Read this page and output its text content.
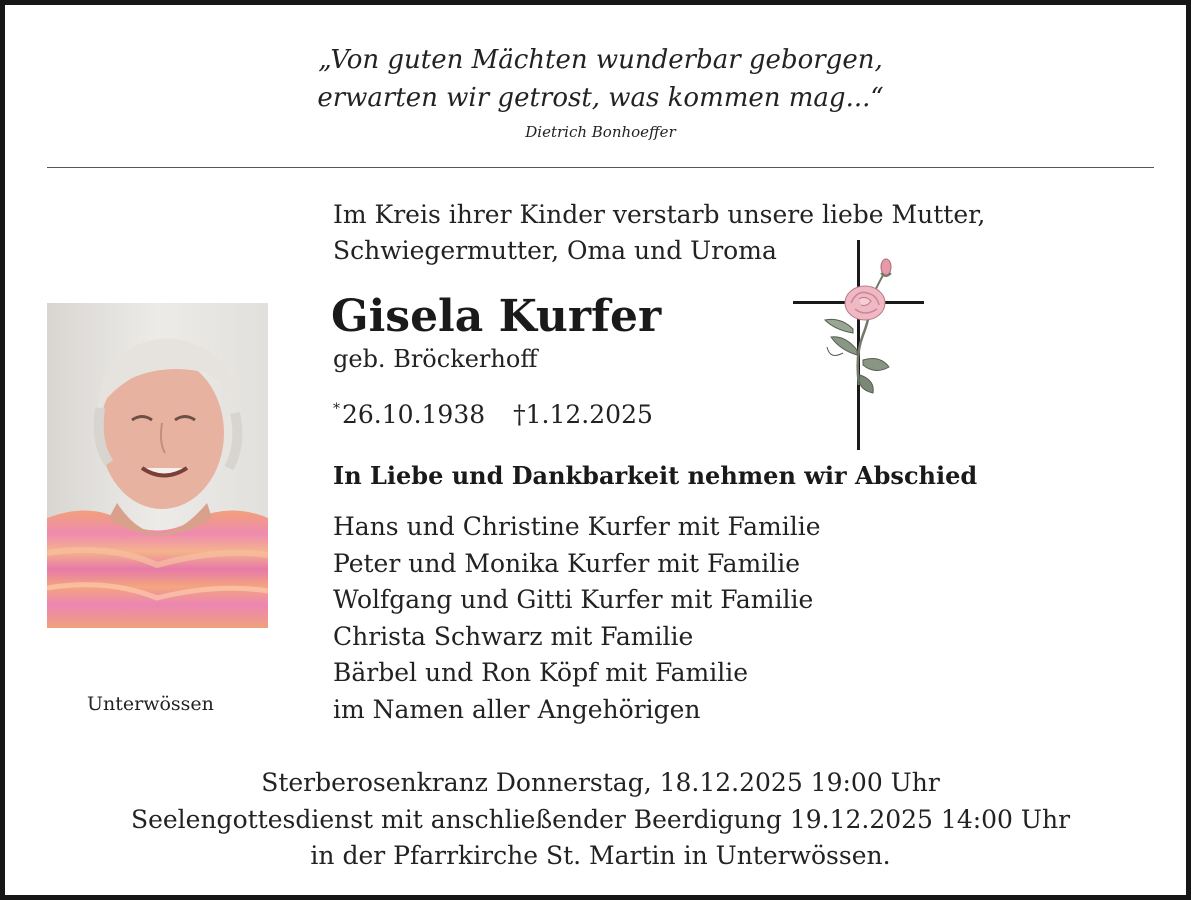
„Von guten Mächten wunderbar geborgen,
erwarten wir getrost, was kommen mag...“
Dietrich Bonhoeffer
Im Kreis ihrer Kinder verstarb unsere liebe Mutter,
Schwiegermutter, Oma und Uroma
Gisela Kurfer
geb. Bröckerhoff
*26.10.1938 †1.12.2025
In Liebe und Dankbarkeit nehmen wir Abschied
Hans und Christine Kurfer mit Familie
Peter und Monika Kurfer mit Familie
Wolfgang und Gitti Kurfer mit Familie
Christa Schwarz mit Familie
Bärbel und Ron Köpf mit Familie
im Namen aller Angehörigen
Unterwössen
Sterberosenkranz Donnerstag, 18.12.2025 19:00 Uhr
Seelengottesdienst mit anschließender Beerdigung 19.12.2025 14:00 Uhr
in der Pfarrkirche St. Martin in Unterwössen.
